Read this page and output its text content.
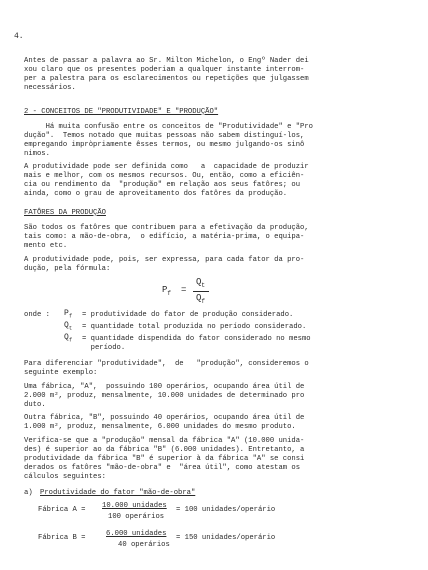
4.
Antes de passar a palavra ao Sr. Milton Michelon, o Engº Nader dei
xou claro que os presentes poderiam a qualquer instante interrom-
per a palestra para os esclarecimentos ou repetições que julgassem
necessários.
2 - CONCEITOS DE "PRODUTIVIDADE" E "PRODUÇÃO"
Há muita confusão entre os conceitos de "Produtividade" e "Pro
dução".  Temos notado que muitas pessoas não sabem distinguí-los,
empregando impròpriamente êsses termos, ou mesmo julgando-os sinô
nimos.
A produtividade pode ser definida como   a  capacidade de produzir
mais e melhor, com os mesmos recursos. Ou, então, como a eficiên-
cia ou rendimento da  "produção" em relação aos seus fatôres; ou
ainda, como o grau de aproveitamento dos fatôres da produção.
FATÔRES DA PRODUÇÃO
São todos os fatôres que contribuem para a efetivação da produção,
tais como: a mão-de-obra,  o edifício, a matéria-prima, o equipa-
mento etc.
A produtividade pode, pois, ser expressa, para cada fator da pro-
dução, pela fórmula:
$P_f$ =
$Q_t$
$Q_f$
onde : $P_f$ = produtividade do fator de produção considerado.
$Q_t$ = quantidade total produzida no período considerado.
$Q_f$ = quantidade dispendida do fator considerado no mesmo
período.
Para diferenciar "produtividade",  de   "produção", consideremos o
seguinte exemplo:
Uma fábrica, "A",  possuindo 100 operários, ocupando área útil de
2.000 m², produz, mensalmente, 10.000 unidades de determinado pro
duto.
Outra fábrica, "B", possuindo 40 operários, ocupando área útil de
1.000 m², produz, mensalmente, 6.000 unidades do mesmo produto.
Verifica-se que a "produção" mensal da fábrica "A" (10.000 unida-
des) é superior ao da fábrica "B" (6.000 unidades). Entretanto, a
produtividade da fábrica "B" é superior à da fábrica "A" se consi
derados os fatôres "mão-de-obra" e  "área útil", como atestam os
cálculos seguintes:
a) Produtividade do fator "mão-de-obra"
Fábrica A = 10.000 unidades
100 operários
= 100 unidades/operário
Fábrica B =	6.000 unidades
40 operários
= 150 unidades/operário
